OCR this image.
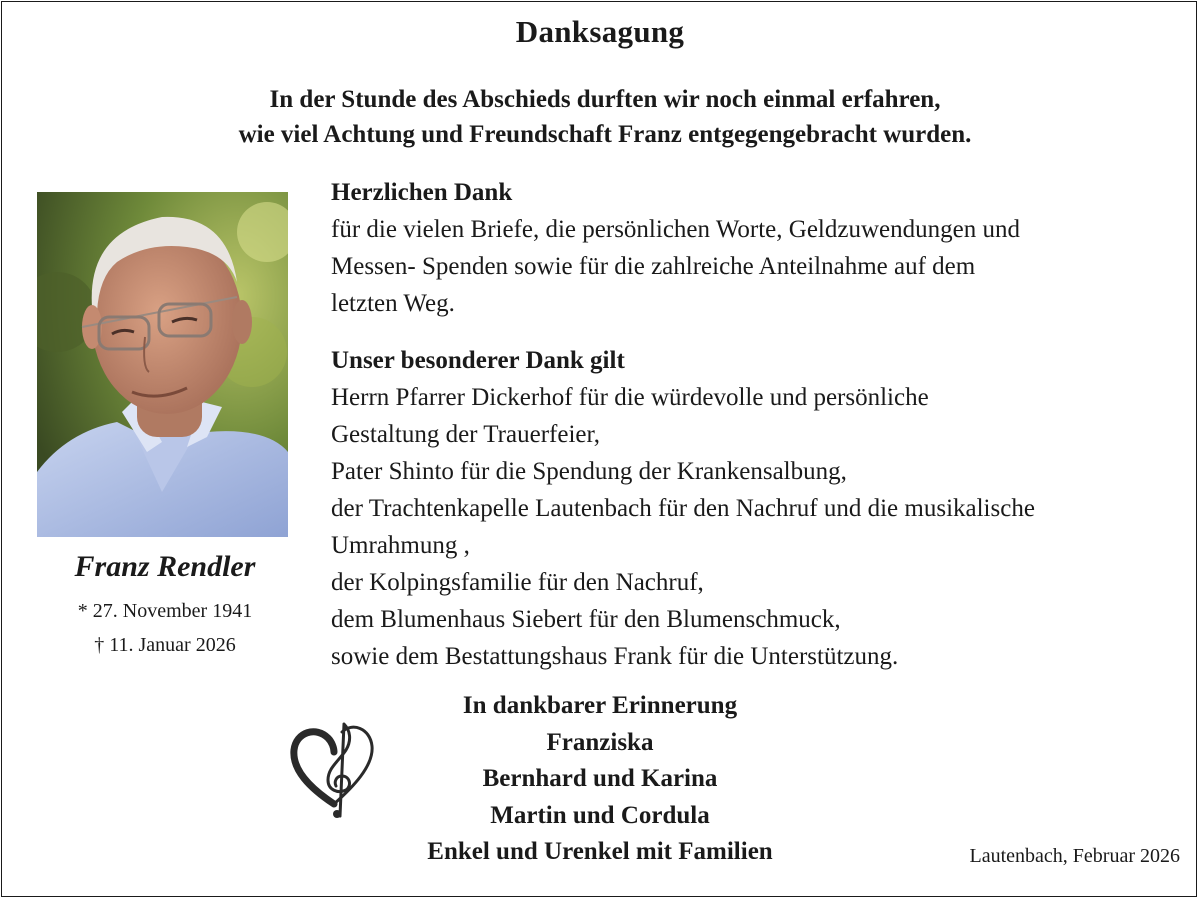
Danksagung
In der Stunde des Abschieds durften wir noch einmal erfahren,
wie viel Achtung und Freundschaft Franz entgegengebracht wurden.
Franz Rendler
* 27. November 1941
† 11. Januar 2026
Herzlichen Dank
für die vielen Briefe, die persönlichen Worte, Geldzuwendungen und
Messen- Spenden sowie für die zahlreiche Anteilnahme auf dem
letzten Weg.
Unser besonderer Dank gilt
Herrn Pfarrer Dickerhof für die würdevolle und persönliche
Gestaltung der Trauerfeier,
Pater Shinto für die Spendung der Krankensalbung,
der Trachtenkapelle Lautenbach für den Nachruf und die musikalische
Umrahmung ,
der Kolpingsfamilie für den Nachruf,
dem Blumenhaus Siebert für den Blumenschmuck,
sowie dem Bestattungshaus Frank für die Unterstützung.
In dankbarer Erinnerung
Franziska
Bernhard und Karina
Martin und Cordula
Enkel und Urenkel mit Familien	Lautenbach, Februar 2026
